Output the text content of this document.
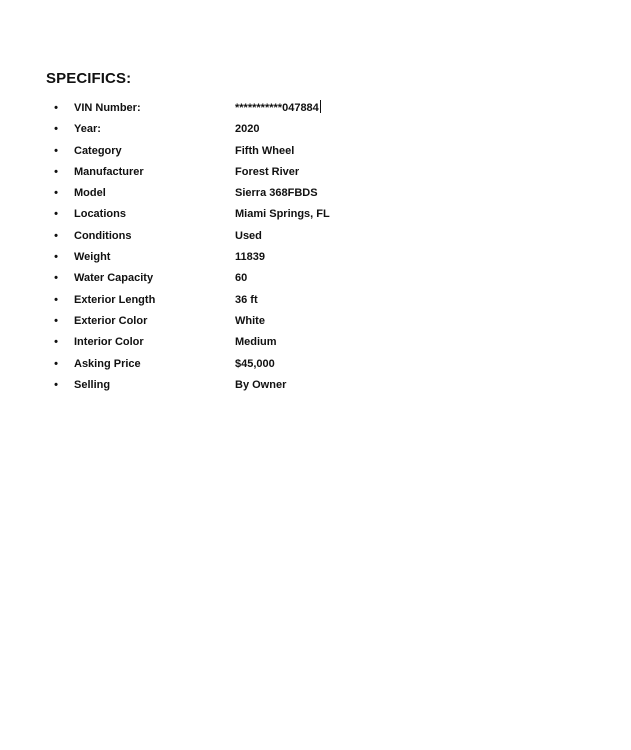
SPECIFICS:
• VIN Number:	***********047884
• Year:	2020
• Category	Fifth Wheel
• Manufacturer	Forest River
• Model	Sierra 368FBDS
• Locations	Miami Springs, FL
• Conditions	Used
• Weight	11839
• Water Capacity	60
• Exterior Length	36 ft
• Exterior Color	White
• Interior Color	Medium
• Asking Price	$45,000
• Selling	By Owner
